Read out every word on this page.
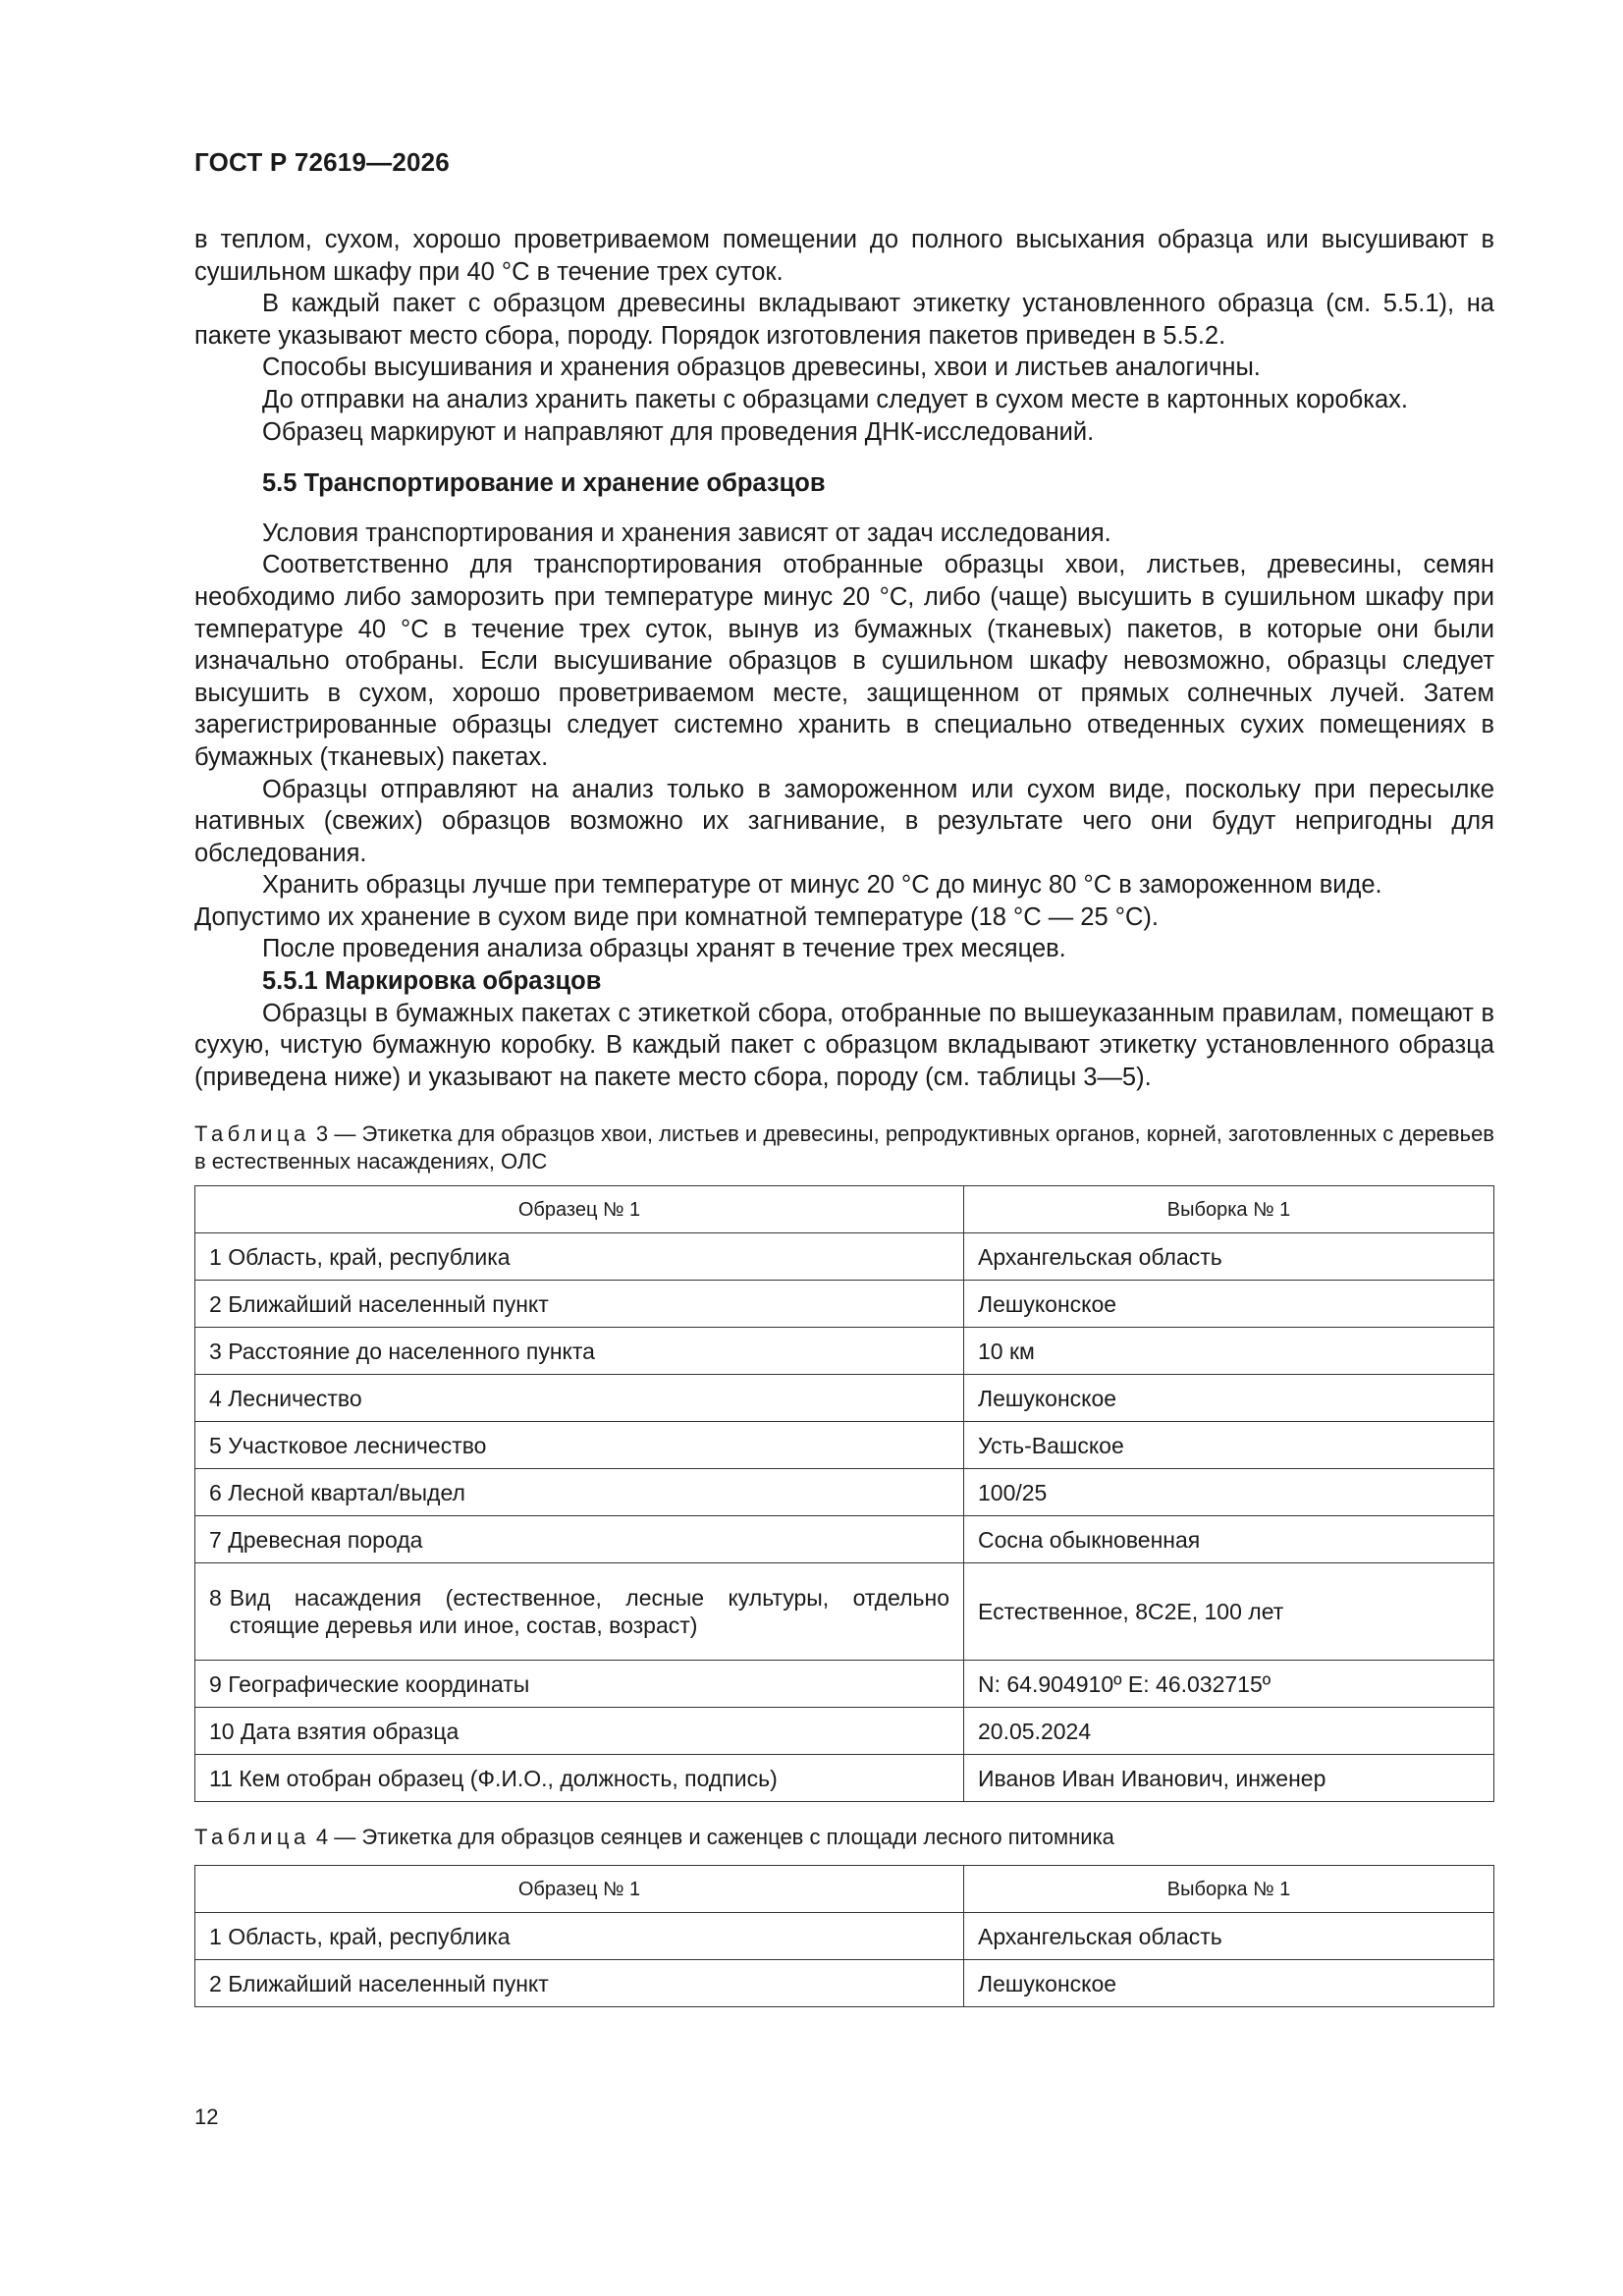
ГОСТ Р 72619—2026

в теплом, сухом, хорошо проветриваемом помещении до полного высыхания образца или высушивают в сушильном шкафу при 40 °С в течение трех суток.

В каждый пакет с образцом древесины вкладывают этикетку установленного образца (см. 5.5.1), на пакете указывают место сбора, породу. Порядок изготовления пакетов приведен в 5.5.2.

Способы высушивания и хранения образцов древесины, хвои и листьев аналогичны.

До отправки на анализ хранить пакеты с образцами следует в сухом месте в картонных коробках.

Образец маркируют и направляют для проведения ДНК-исследований.

5.5 Транспортирование и хранение образцов

Условия транспортирования и хранения зависят от задач исследования.

Соответственно для транспортирования отобранные образцы хвои, листьев, древесины, семян необходимо либо заморозить при температуре минус 20 °С, либо (чаще) высушить в сушильном шкафу при температуре 40 °С в течение трех суток, вынув из бумажных (тканевых) пакетов, в которые они были изначально отобраны. Если высушивание образцов в сушильном шкафу невозможно, образцы следует высушить в сухом, хорошо проветриваемом месте, защищенном от прямых солнечных лучей. Затем зарегистрированные образцы следует системно хранить в специально отведенных сухих помещениях в бумажных (тканевых) пакетах.

Образцы отправляют на анализ только в замороженном или сухом виде, поскольку при пересылке нативных (свежих) образцов возможно их загнивание, в результате чего они будут непригодны для обследования.

Хранить образцы лучше при температуре от минус 20 °С до минус 80 °С в замороженном виде.

Допустимо их хранение в сухом виде при комнатной температуре (18 °С — 25 °С).

После проведения анализа образцы хранят в течение трех месяцев.

5.5.1 Маркировка образцов

Образцы в бумажных пакетах с этикеткой сбора, отобранные по вышеуказанным правилам, помещают в сухую, чистую бумажную коробку. В каждый пакет с образцом вкладывают этикетку установленного образца (приведена ниже) и указывают на пакете место сбора, породу (см. таблицы 3—5).

Таблица 3 — Этикетка для образцов хвои, листьев и древесины, репродуктивных органов, корней, заготовленных с деревьев в естественных насаждениях, ОЛС
Образец № 1	Выборка № 1
1 Область, край, республика	Архангельская область
2 Ближайший населенный пункт	Лешуконское
3 Расстояние до населенного пункта	10 км
4 Лесничество	Лешуконское
5 Участковое лесничество	Усть-Вашское
6 Лесной квартал/выдел	100/25
7 Древесная порода	Сосна обыкновенная

8 Вид насаждения (естественное, лесные культуры, отдельно стоящие деревья или иное, состав, возраст)	Естественное, 8С2Е, 100 лет
9 Географические координаты	N: 64.904910º E: 46.032715º
10 Дата взятия образца	20.05.2024
11 Кем отобран образец (Ф.И.О., должность, подпись)	Иванов Иван Иванович, инженер
Таблица 4 — Этикетка для образцов сеянцев и саженцев с площади лесного питомника
Образец № 1	Выборка № 1
1 Область, край, республика	Архангельская область
2 Ближайший населенный пункт	Лешуконское
12
